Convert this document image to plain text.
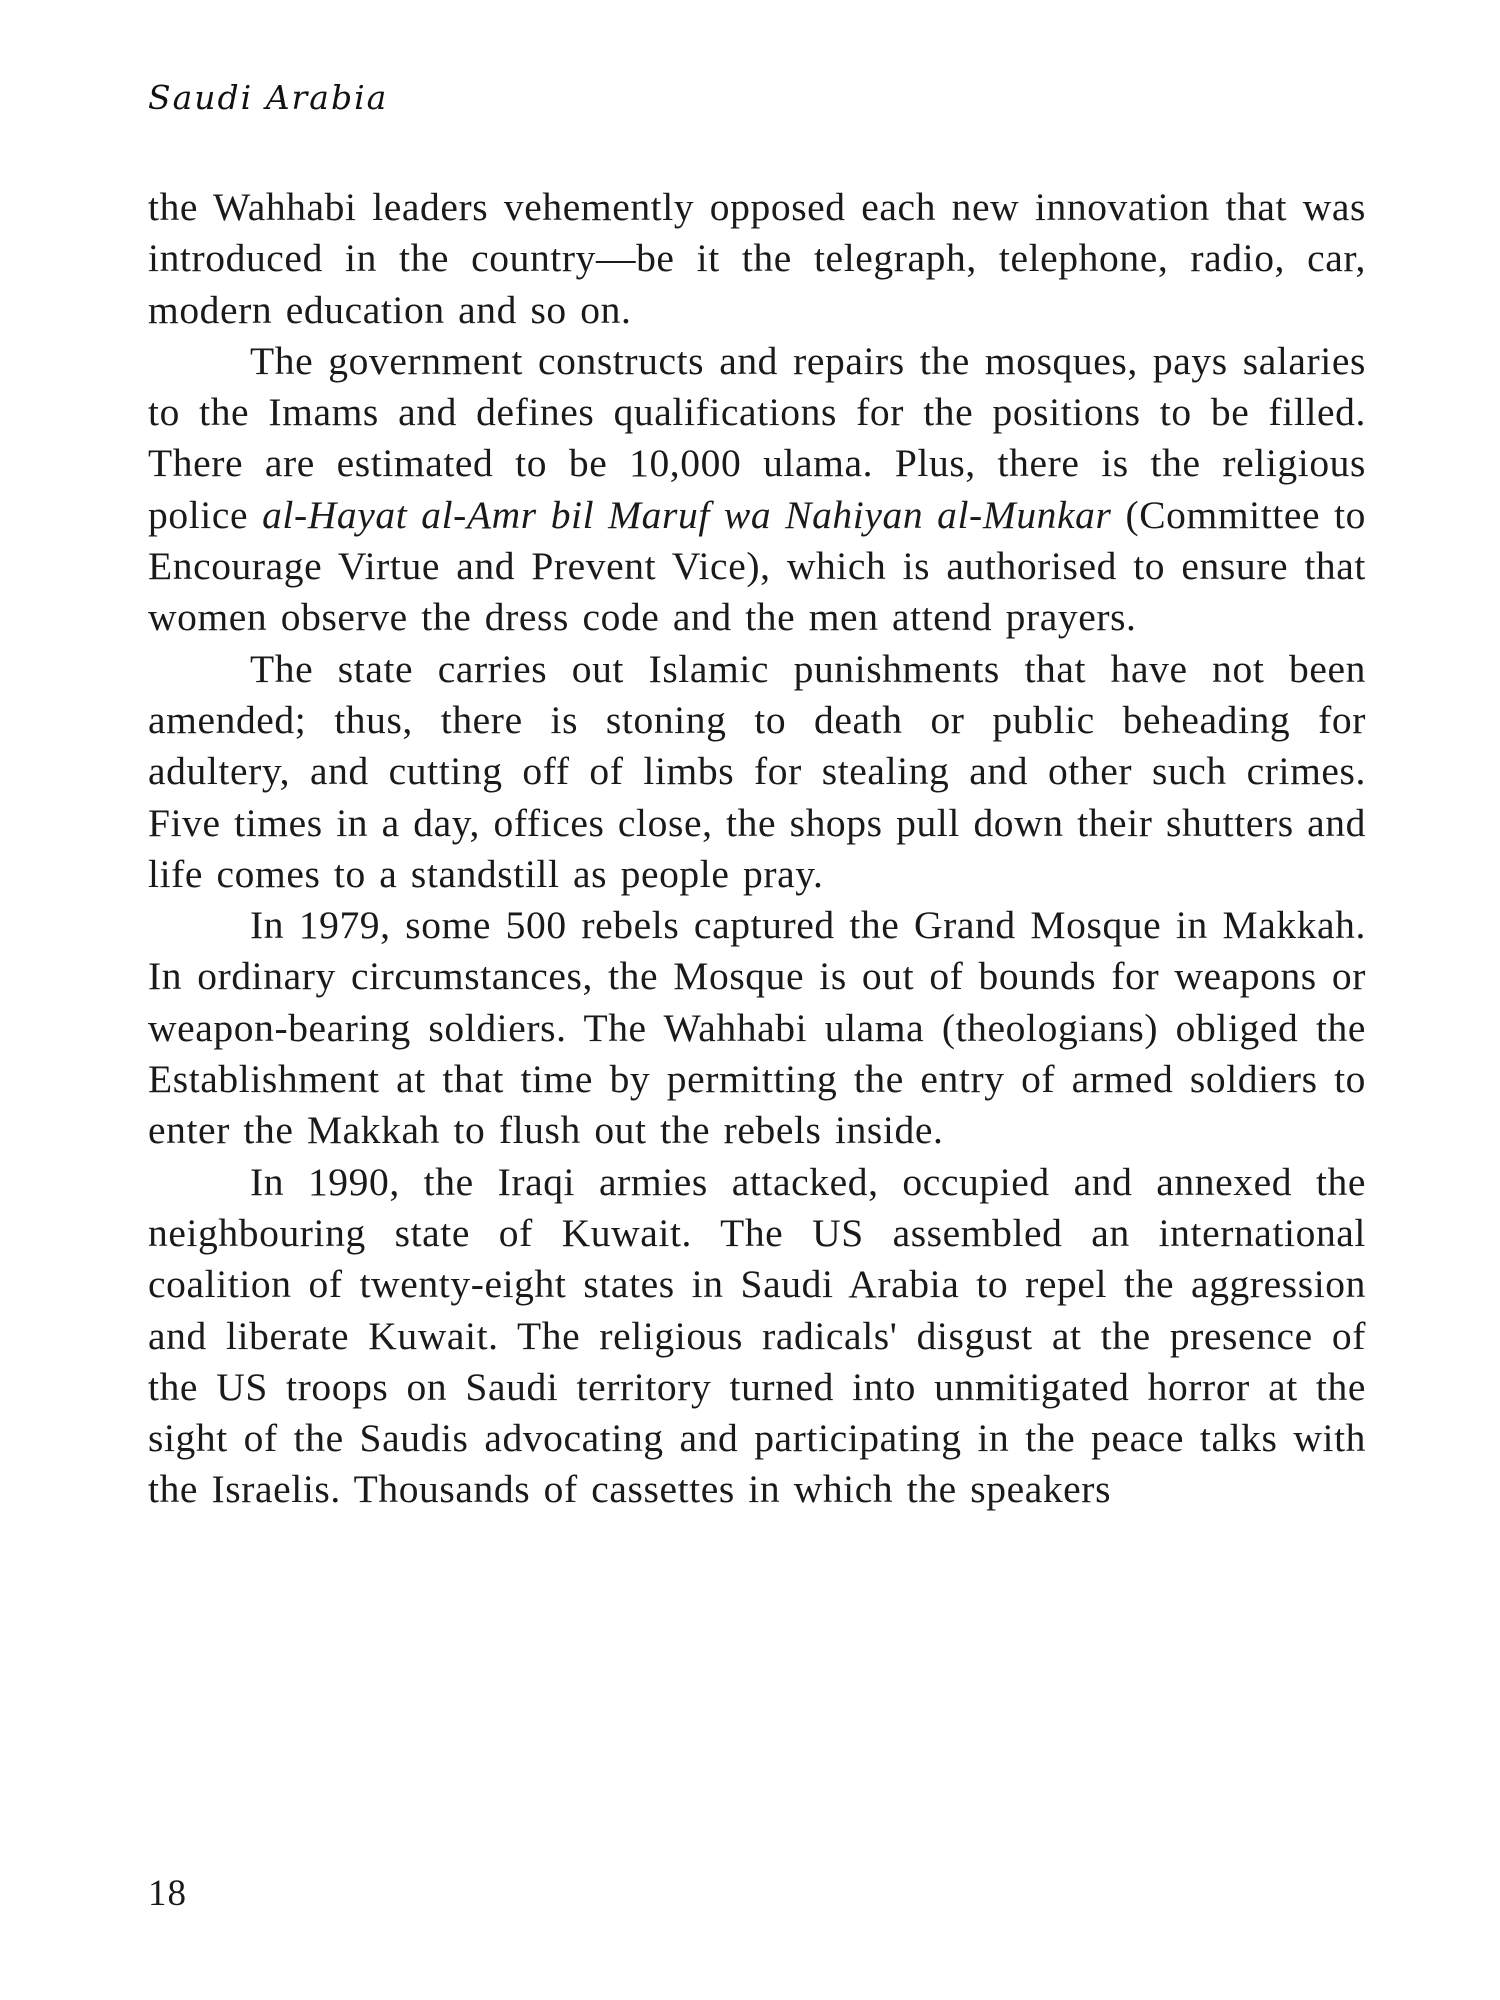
Saudi Arabia

the Wahhabi leaders vehemently opposed each new innovation that was introduced in the country—be it the telegraph, telephone, radio, car, modern education and so on.

The government constructs and repairs the mosques, pays salaries to the Imams and defines qualifications for the positions to be filled. There are estimated to be 10,000 ulama. Plus, there is the religious police al-Hayat al-Amr bil Maruf wa Nahiyan al-Munkar (Committee to Encourage Virtue and Prevent Vice), which is authorised to ensure that women observe the dress code and the men attend prayers.

The state carries out Islamic punishments that have not been amended; thus, there is stoning to death or public beheading for adultery, and cutting off of limbs for stealing and other such crimes. Five times in a day, offices close, the shops pull down their shutters and life comes to a standstill as people pray.

In 1979, some 500 rebels captured the Grand Mosque in Makkah. In ordinary circumstances, the Mosque is out of bounds for weapons or weapon-bearing soldiers. The Wahhabi ulama (theologians) obliged the Establishment at that time by permitting the entry of armed soldiers to enter the Makkah to flush out the rebels inside.

In 1990, the Iraqi armies attacked, occupied and annexed the neighbouring state of Kuwait. The US assembled an international coalition of twenty-eight states in Saudi Arabia to repel the aggression and liberate Kuwait. The religious radicals' disgust at the presence of the US troops on Saudi territory turned into unmitigated horror at the sight of the Saudis advocating and participating in the peace talks with the Israelis. Thousands of cassettes in which the speakers

18
